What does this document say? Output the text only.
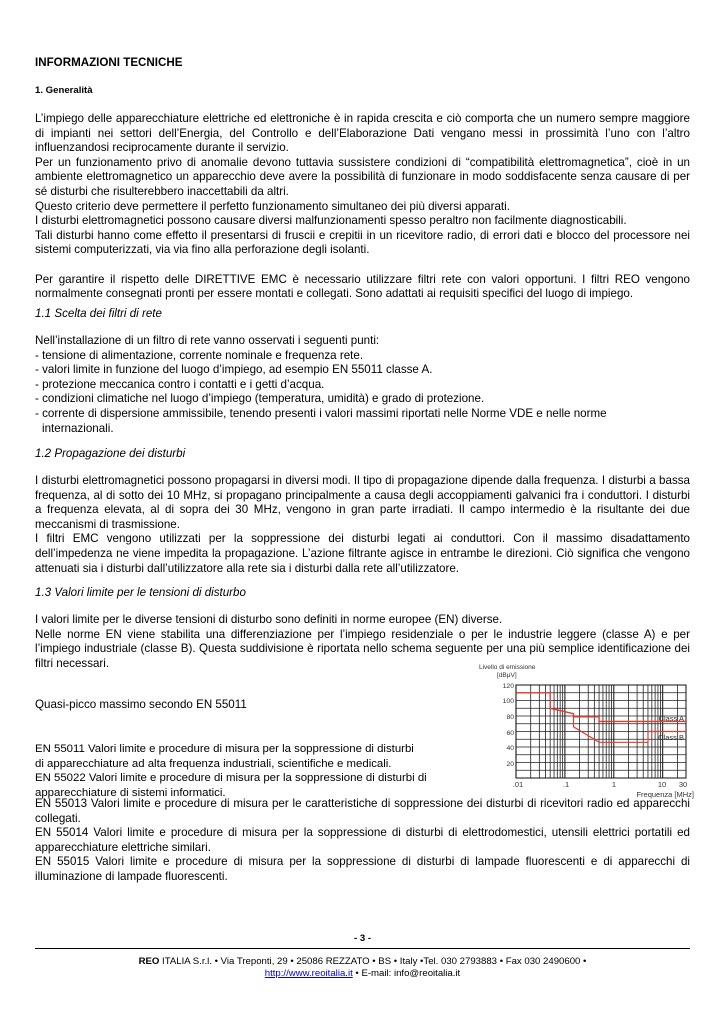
INFORMAZIONI TECNICHE
1. Generalità

L’impiego delle apparecchiature elettriche ed elettroniche è in rapida crescita e ciò comporta che un numero sempre maggiore di impianti nei settori dell’Energia, del Controllo e dell’Elaborazione Dati vengano messi in prossimità l’uno con l’altro influenzandosi reciprocamente durante il servizio.

Per un funzionamento privo di anomalie devono tuttavia sussistere condizioni di “compatibilità elettromagnetica”, cioè in un ambiente elettromagnetico un apparecchio deve avere la possibilità di funzionare in modo soddisfacente senza causare di per sé disturbi che risulterebbero inaccettabili da altri.

Questo criterio deve permettere il perfetto funzionamento simultaneo dei più diversi apparati.

I disturbi elettromagnetici possono causare diversi malfunzionamenti spesso peraltro non facilmente diagnosticabili.

Tali disturbi hanno come effetto il presentarsi di fruscii e crepitii in un ricevitore radio, di errori dati e blocco del processore nei sistemi computerizzati, via via fino alla perforazione degli isolanti.

Per garantire il rispetto delle DIRETTIVE EMC è necessario utilizzare filtri rete con valori opportuni. I filtri REO vengono normalmente consegnati pronti per essere montati e collegati. Sono adattati ai requisiti specifici del luogo di impiego.

1.1 Scelta dei filtri di rete

Nell’installazione di un filtro di rete vanno osservati i seguenti punti:

- tensione di alimentazione, corrente nominale e frequenza rete.
- valori limite in funzione del luogo d’impiego, ad esempio EN 55011 classe A.
- protezione meccanica contro i contatti e i getti d’acqua.
- condizioni climatiche nel luogo d’impiego (temperatura, umidità) e grado di protezione.
- corrente di dispersione ammissibile, tenendo presenti i valori massimi riportati nelle Norme VDE e nelle norme
internazionali.

1.2 Propagazione dei disturbi

I disturbi elettromagnetici possono propagarsi in diversi modi. Il tipo di propagazione dipende dalla frequenza. I disturbi a bassa frequenza, al di sotto dei 10 MHz, si propagano principalmente a causa degli accoppiamenti galvanici fra i conduttori. I disturbi a frequenza elevata, al di sopra dei 30 MHz, vengono in gran parte irradiati. Il campo intermedio è la risultante dei due meccanismi di trasmissione.

I filtri EMC vengono utilizzati per la soppressione dei disturbi legati ai conduttori. Con il massimo disadattamento dell’impedenza ne viene impedita la propagazione. L’azione filtrante agisce in entrambe le direzioni. Ciò significa che vengono attenuati sia i disturbi dall’utilizzatore alla rete sia i disturbi dalla rete all’utilizzatore.

1.3 Valori limite per le tensioni di disturbo

I valori limite per le diverse tensioni di disturbo sono definiti in norme europee (EN) diverse.

Nelle norme EN viene stabilita una differenziazione per l’impiego residenziale o per le industrie leggere (classe A) e per l’impiego industriale (classe B). Questa suddivisione è riportata nello schema seguente per una più semplice identificazione dei filtri necessari.

Quasi-picco massimo secondo EN 55011

EN 55011 Valori limite e procedure di misura per la soppressione di disturbi

di apparecchiature ad alta frequenza industriali, scientifiche e medicali.

EN 55022 Valori limite e procedure di misura per la soppressione di disturbi di

apparecchiature di sistemi informatici.

EN 55013 Valori limite e procedure di misura per le caratteristiche di soppressione dei disturbi di ricevitori radio ed apparecchi collegati.

EN 55014 Valori limite e procedure di misura per la soppressione di disturbi di elettrodomestici, utensili elettrici portatili ed apparecchiature elettriche similari.

EN 55015 Valori limite e procedure di misura per la soppressione di disturbi di lampade fluorescenti e di apparecchi di illuminazione di lampade fluorescenti.

Livello di emissione
[dBµV]
120
100
80
60
40
20
.01	.1	1	10 30
Frequenza [MHz]
Class A
Class B
- 3 -
REO ITALIA S.r.l. • Via Treponti, 29 • 25086 REZZATO • BS • Italy •Tel. 030 2793883 • Fax 030 2490600 •
http://www.reoitalia.it • E-mail: info@reoitalia.it
